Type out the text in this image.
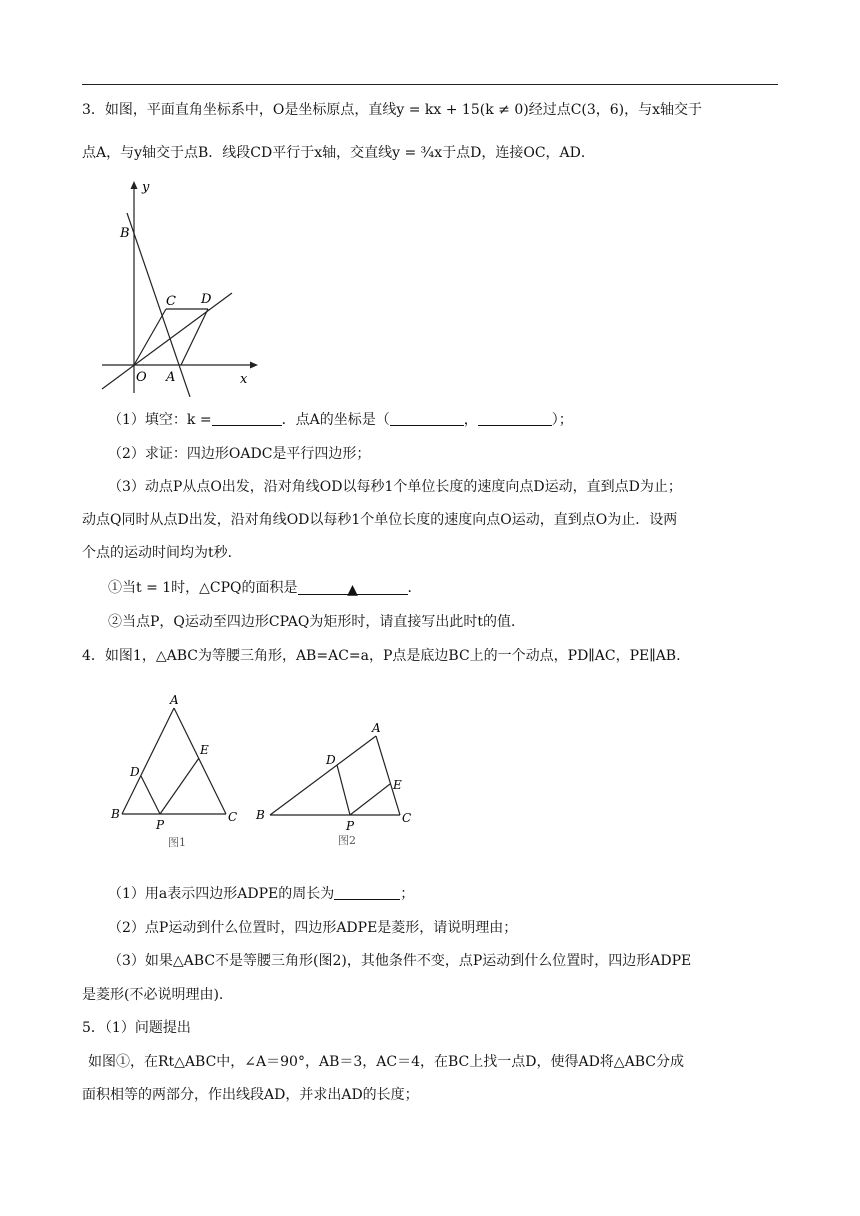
3．如图，平面直角坐标系中，O是坐标原点，直线y = kx + 15(k ≠ 0)经过点C(3，6)，与x轴交于
点A，与y轴交于点B．线段CD平行于x轴，交直线y = ¾x于点D，连接OC，AD．
y
x
B
C D
O A
（1）填空：k =	．点A的坐标是（	，	）；
（2）求证：四边形OADC是平行四边形；
（3）动点P从点O出发，沿对角线OD以每秒1个单位长度的速度向点D运动，直到点D为止；
动点Q同时从点D出发，沿对角线OD以每秒1个单位长度的速度向点O运动，直到点O为止．设两
个点的运动时间均为t秒．
①当t = 1时，△CPQ的面积是	▲	．
②当点P，Q运动至四边形CPAQ为矩形时，请直接写出此时t的值．
4．如图1，△ABC为等腰三角形，AB=AC=a，P点是底边BC上的一个动点，PD∥AC，PE∥AB.
A
B	C
D
E
P
图1
A
B	C
D
E
P
图2
（1）用a表示四边形ADPE的周长为	；
（2）点P运动到什么位置时，四边形ADPE是菱形，请说明理由；
（3）如果△ABC不是等腰三角形(图2)，其他条件不变，点P运动到什么位置时，四边形ADPE
是菱形(不必说明理由).
5．（1）问题提出
如图①，在Rt△ABC中，∠A＝90°，AB＝3，AC＝4，在BC上找一点D，使得AD将△ABC分成
面积相等的两部分，作出线段AD，并求出AD的长度；
